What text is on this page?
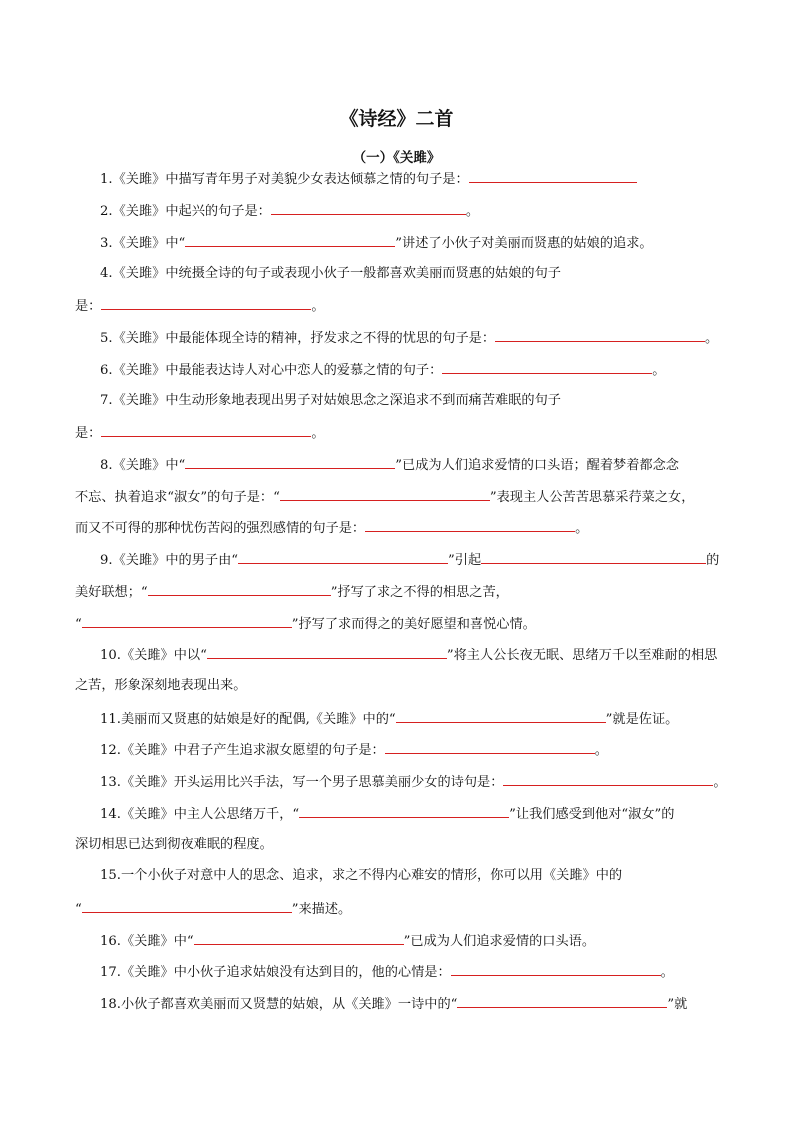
《诗经》二首
（一）《关雎》
1.《关雎》中描写青年男子对美貌少女表达倾慕之情的句子是：
2.《关雎》中起兴的句子是：	。
3.《关雎》中“	”讲述了小伙子对美丽而贤惠的姑娘的追求。
4.《关雎》中统摄全诗的句子或表现小伙子一般都喜欢美丽而贤惠的姑娘的句子
是：	。
5.《关雎》中最能体现全诗的精神，抒发求之不得的忧思的句子是：	。
6.《关雎》中最能表达诗人对心中恋人的爱慕之情的句子：	。
7.《关雎》中生动形象地表现出男子对姑娘思念之深追求不到而痛苦难眠的句子
是：	。
8.《关雎》中“	”已成为人们追求爱情的口头语；醒着梦着都念念
不忘、执着追求“淑女”的句子是：“	”表现主人公苦苦思慕采荇菜之女，
而又不可得的那种忧伤苦闷的强烈感情的句子是：	。
9.《关雎》中的男子由“	”引起	的
美好联想；“	”抒写了求之不得的相思之苦，
“	”抒写了求而得之的美好愿望和喜悦心情。
10.《关雎》中以“	”将主人公长夜无眠、思绪万千以至难耐的相思
之苦，形象深刻地表现出来。
11.美丽而又贤惠的姑娘是好的配偶,《关雎》中的“	”就是佐证。
12.《关雎》中君子产生追求淑女愿望的句子是：	。
13.《关雎》开头运用比兴手法，写一个男子思慕美丽少女的诗句是：	。
14.《关雎》中主人公思绪万千，“	”让我们感受到他对“淑女”的
深切相思已达到彻夜难眠的程度。
15.一个小伙子对意中人的思念、追求，求之不得内心难安的情形，你可以用《关雎》中的
“	”来描述。
16.《关雎》中“	”已成为人们追求爱情的口头语。
17.《关雎》中小伙子追求姑娘没有达到目的，他的心情是：	。
18.小伙子都喜欢美丽而又贤慧的姑娘，从《关雎》一诗中的“	”就
